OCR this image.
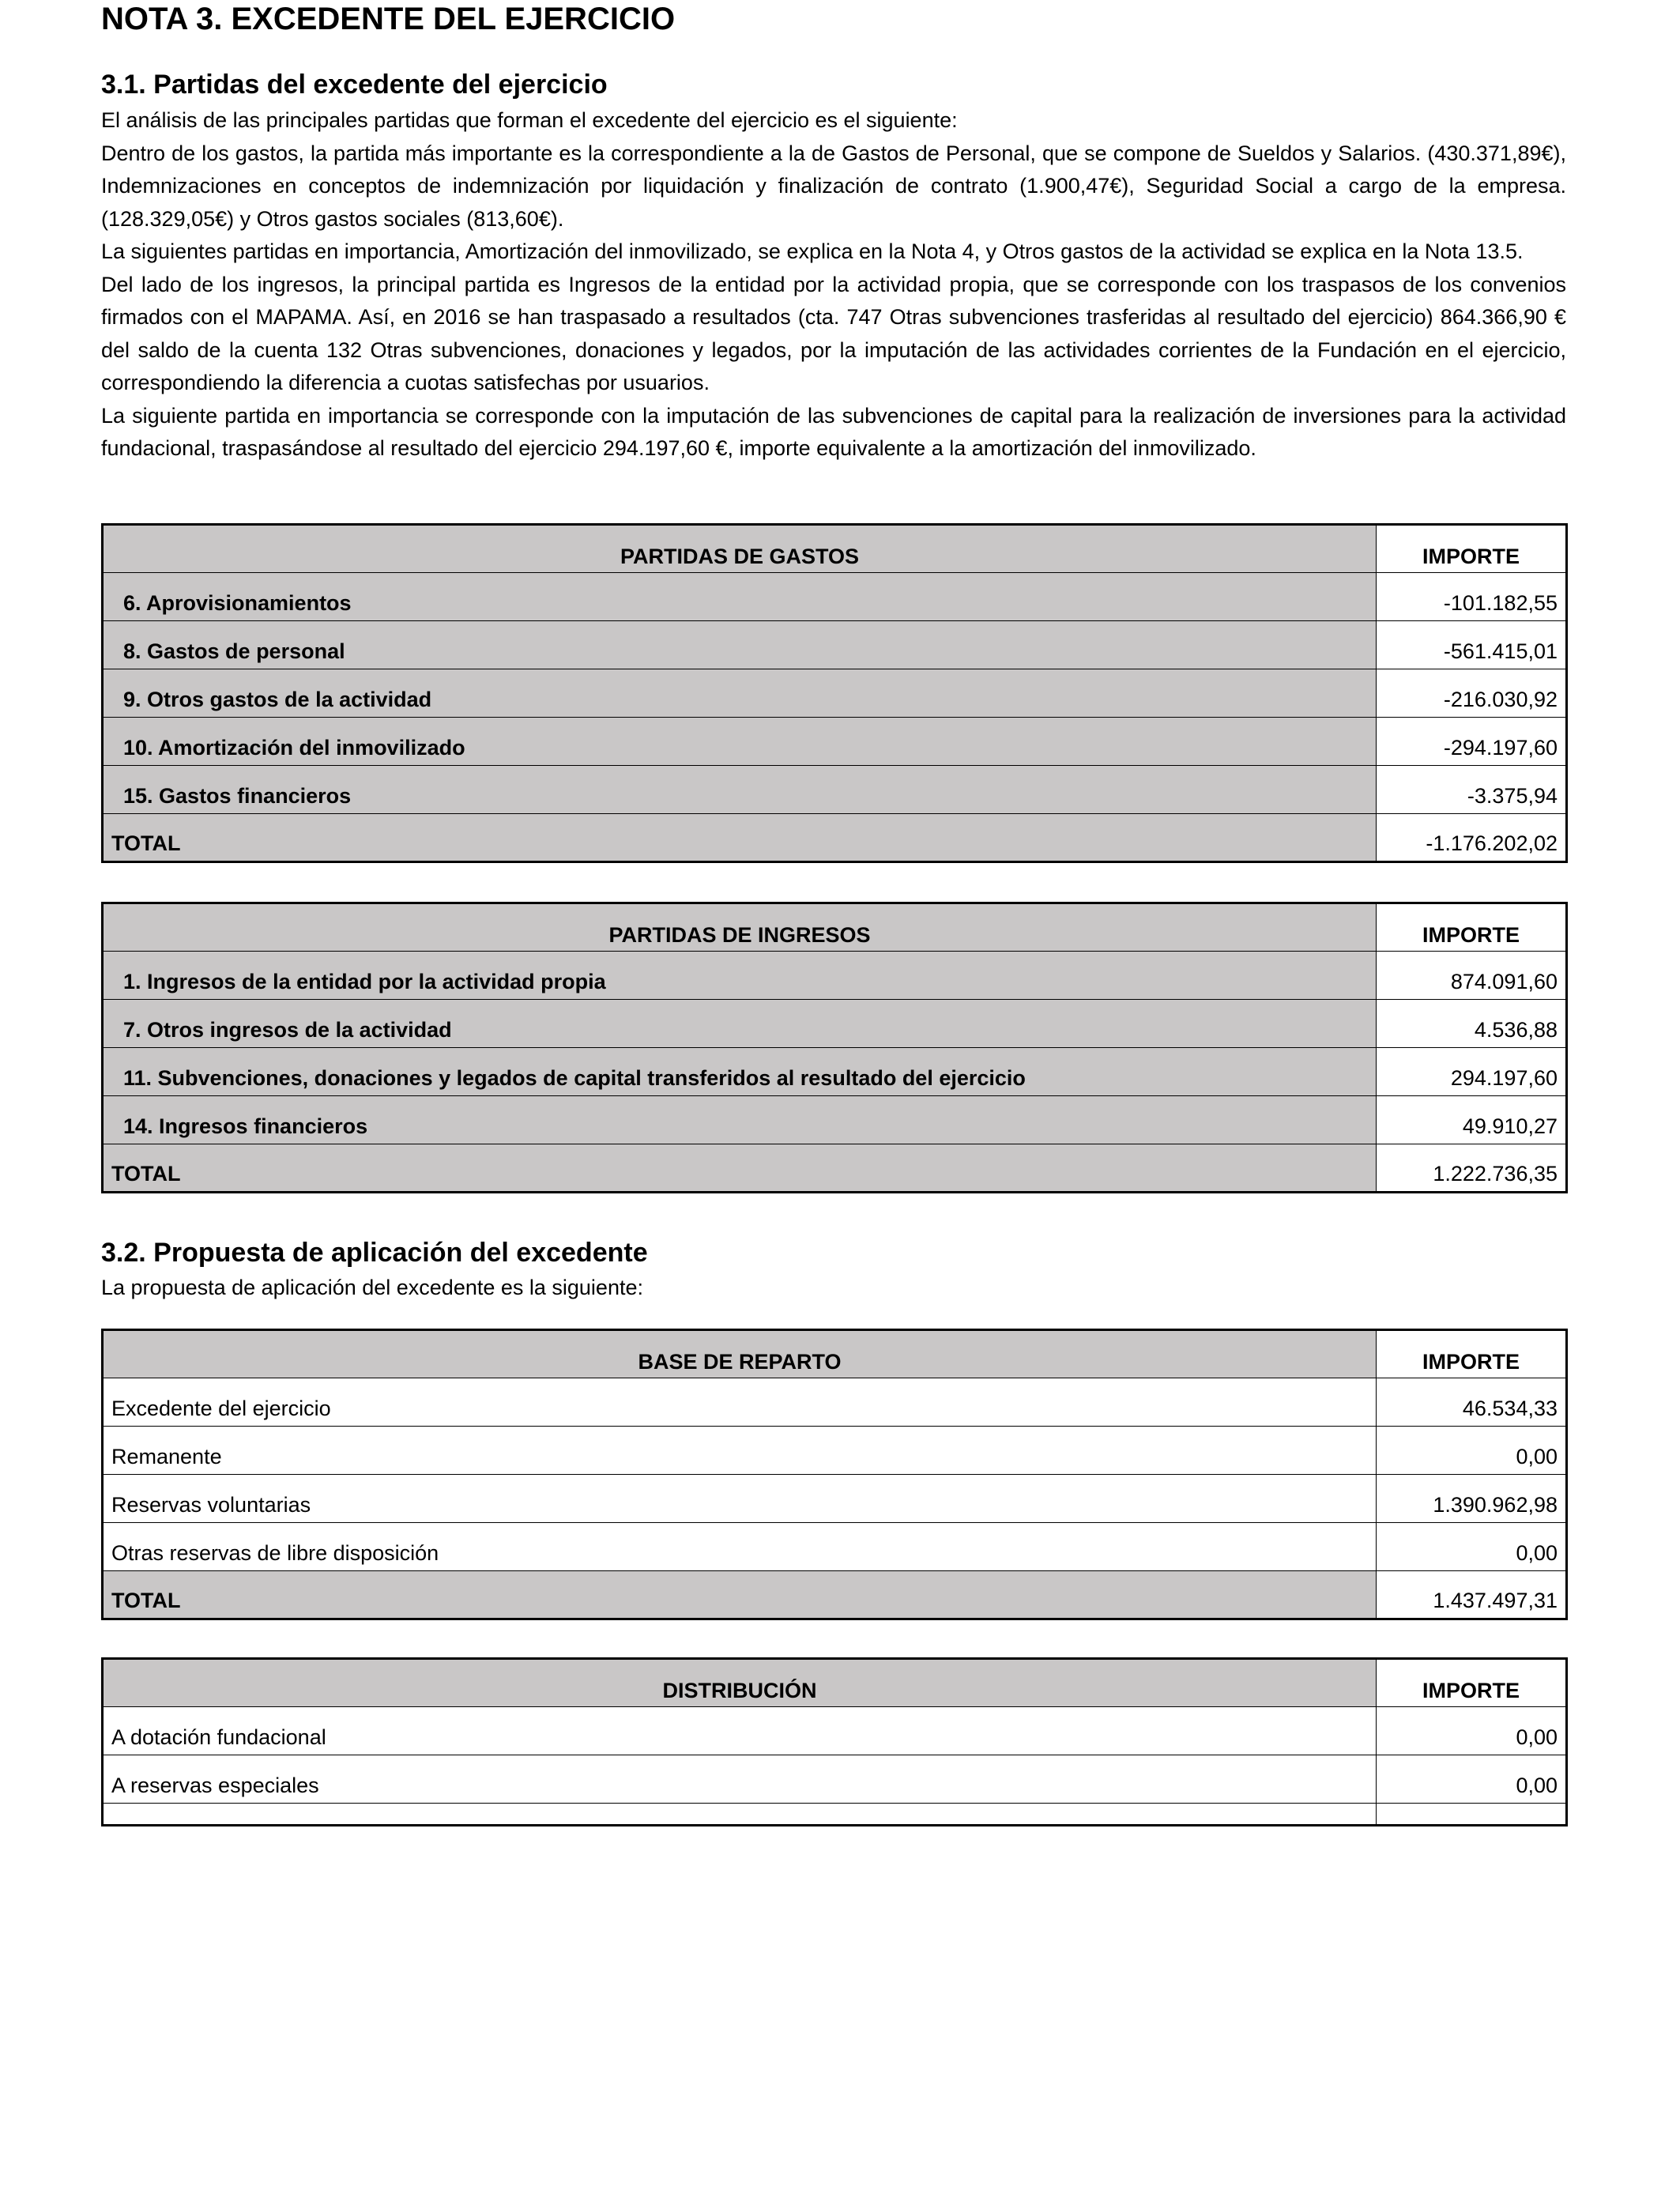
NOTA 3. EXCEDENTE DEL EJERCICIO
3.1. Partidas del excedente del ejercicio

El análisis de las principales partidas que forman el excedente del ejercicio es el siguiente:

Dentro de los gastos, la partida más importante es la correspondiente a la de Gastos de Personal, que se compone de Sueldos y Salarios. (430.371,89€), Indemnizaciones en conceptos de indemnización por liquidación y finalización de contrato (1.900,47€), Seguridad Social a cargo de la empresa. (128.329,05€) y Otros gastos sociales (813,60€).

La siguientes partidas en importancia, Amortización del inmovilizado, se explica en la Nota 4, y Otros gastos de la actividad se explica en la Nota 13.5.

Del lado de los ingresos, la principal partida es Ingresos de la entidad por la actividad propia, que se corresponde con los traspasos de los convenios firmados con el MAPAMA. Así, en 2016 se han traspasado a resultados (cta. 747 Otras subvenciones trasferidas al resultado del ejercicio) 864.366,90 € del saldo de la cuenta 132 Otras subvenciones, donaciones y legados, por la imputación de las actividades corrientes de la Fundación en el ejercicio, correspondiendo la diferencia a cuotas satisfechas por usuarios.

La siguiente partida en importancia se corresponde con la imputación de las subvenciones de capital para la realización de inversiones para la actividad fundacional, traspasándose al resultado del ejercicio 294.197,60 €, importe equivalente a la amortización del inmovilizado.

PARTIDAS DE GASTOS	IMPORTE
6. Aprovisionamientos	-101.182,55
8. Gastos de personal	-561.415,01
9. Otros gastos de la actividad	-216.030,92
10. Amortización del inmovilizado	-294.197,60
15. Gastos financieros	-3.375,94
TOTAL	-1.176.202,02
PARTIDAS DE INGRESOS	IMPORTE
1. Ingresos de la entidad por la actividad propia	874.091,60
7. Otros ingresos de la actividad	4.536,88
11. Subvenciones, donaciones y legados de capital transferidos al resultado del ejercicio	294.197,60
14. Ingresos financieros	49.910,27
TOTAL	1.222.736,35
3.2. Propuesta de aplicación del excedente
La propuesta de aplicación del excedente es la siguiente:
BASE DE REPARTO	IMPORTE
Excedente del ejercicio	46.534,33
Remanente	0,00
Reservas voluntarias	1.390.962,98
Otras reservas de libre disposición	0,00
TOTAL	1.437.497,31
DISTRIBUCIÓN	IMPORTE
A dotación fundacional	0,00
A reservas especiales	0,00
